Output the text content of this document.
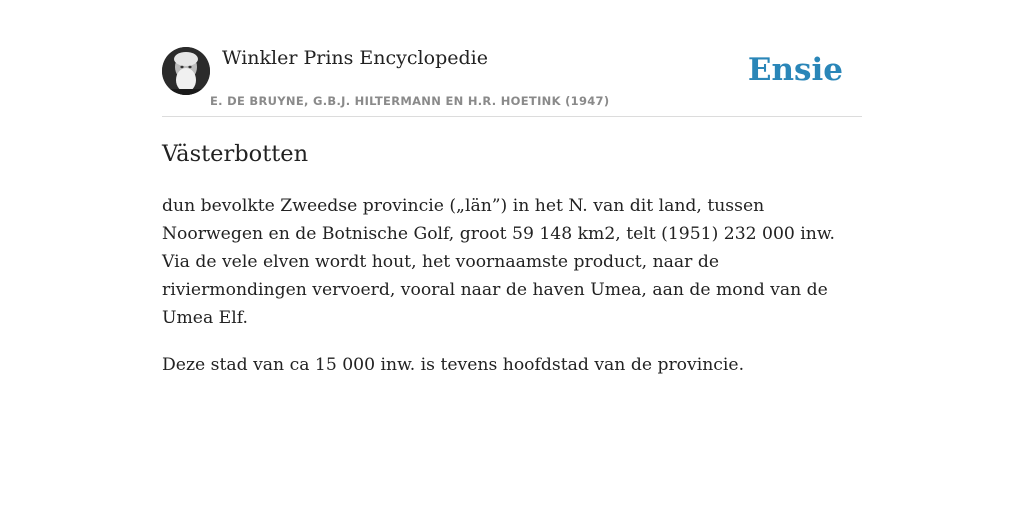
Winkler Prins Encyclopedie
E. DE BRUYNE, G.B.J. HILTERMANN EN H.R. HOETINK (1947)
Ensie
Västerbotten

dun bevolkte Zweedse provincie („län”) in het N. van dit land, tussen Noorwegen en de Botnische Golf, groot 59 148 km2, telt (1951) 232 000 inw. Via de vele elven wordt hout, het voornaamste product, naar de riviermondingen vervoerd, vooral naar de haven Umea, aan de mond van de Umea Elf.

Deze stad van ca 15 000 inw. is tevens hoofdstad van de provincie.
